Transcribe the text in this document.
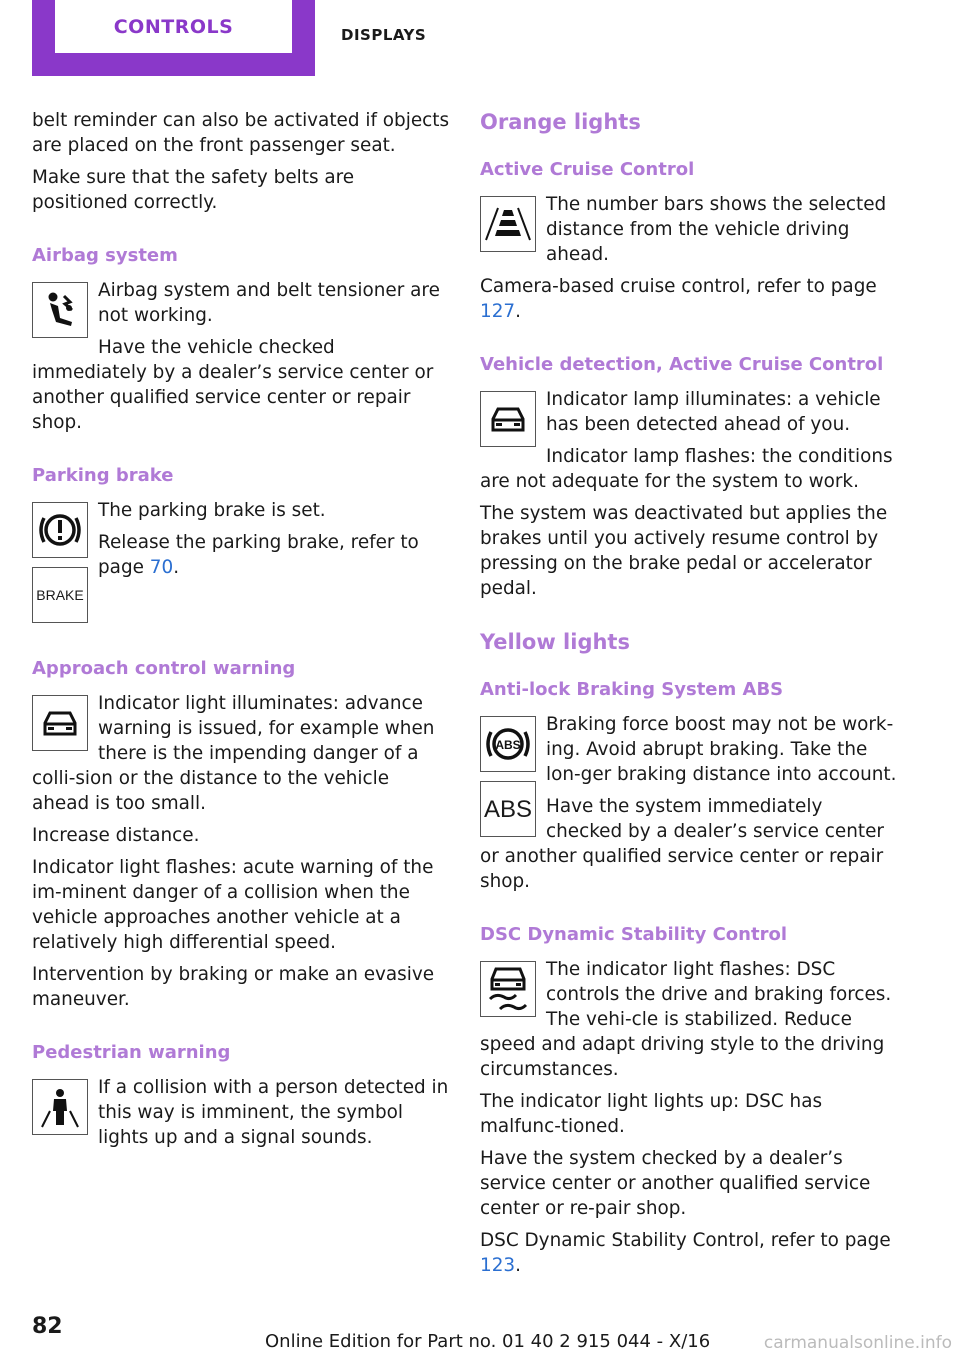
CONTROLS	DISPLAYS

belt reminder can also be activated if objects are placed on the front passenger seat.

Make sure that the safety belts are positioned correctly.

Airbag system

Airbag system and belt tensioner are not working.

Have the vehicle checked immediately by a dealer’s service center or another qualified service center or repair shop.

Parking brake
BRAKE

The parking brake is set.

Release the parking brake, refer to page 70.

Approach control warning

Indicator light illuminates: advance warning is issued, for example when there is the impending danger of a colli‐sion or the distance to the vehicle ahead is too small.

Increase distance.

Indicator light flashes: acute warning of the im‐minent danger of a collision when the vehicle approaches another vehicle at a relatively high differential speed.

Intervention by braking or make an evasive maneuver.

Pedestrian warning

If a collision with a person detected in this way is imminent, the symbol lights up and a signal sounds.

Orange lights
Active Cruise Control

The number bars shows the selected distance from the vehicle driving ahead.

Camera-based cruise control, refer to page 127.

Vehicle detection, Active Cruise Control

Indicator lamp illuminates: a vehicle has been detected ahead of you.

Indicator lamp flashes: the conditions are not adequate for the system to work.

The system was deactivated but applies the brakes until you actively resume control by pressing on the brake pedal or accelerator pedal.

Yellow lights
Anti-lock Braking System ABS
ABS
ABS

Braking force boost may not be work‐ing. Avoid abrupt braking. Take the lon‐ger braking distance into account.

Have the system immediately checked by a dealer’s service center or another qualified service center or repair shop.

DSC Dynamic Stability Control

The indicator light flashes: DSC controls the drive and braking forces. The vehi‐cle is stabilized. Reduce speed and adapt driving style to the driving circumstances.

The indicator light lights up: DSC has malfunc‐tioned.

Have the system checked by a dealer’s service center or another qualified service center or re‐pair shop.

DSC Dynamic Stability Control, refer to page 123.

82
Online Edition for Part no. 01 40 2 915 044 - X/16	carmanualsonline.info
